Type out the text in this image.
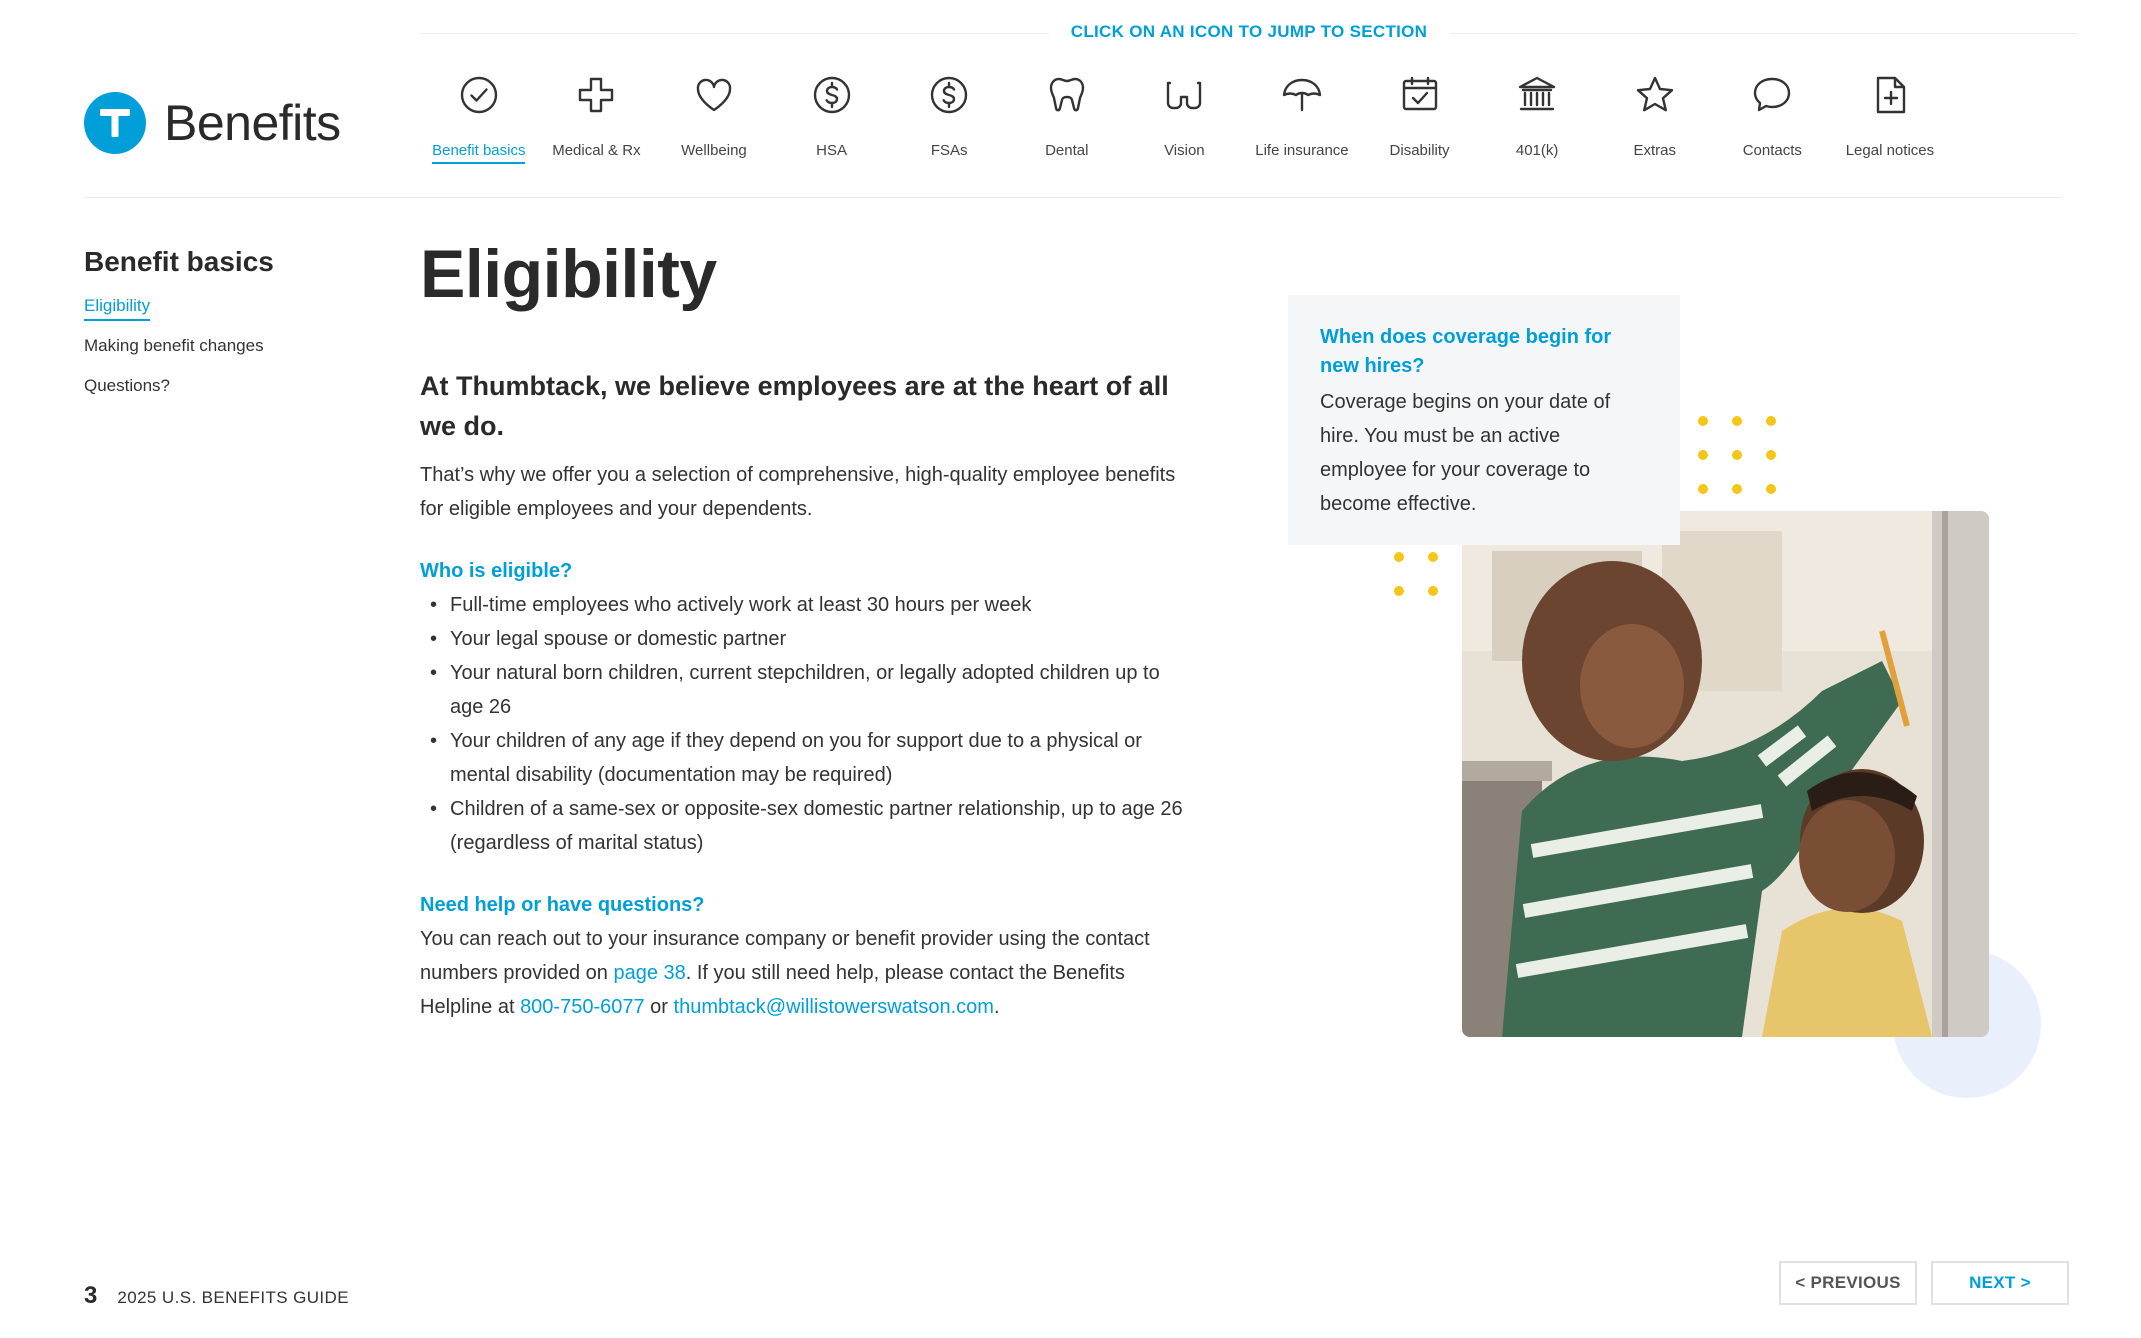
Benefits
CLICK ON AN ICON TO JUMP TO SECTION
Benefit basics Medical & Rx	Wellbeing	HSA	FSAs	Dental	Vision	Life insurance	Disability	401(k)	Extras	Contacts	Legal notices
Benefit basics
Eligibility
Making benefit changes
Questions?
Eligibility

At Thumbtack, we believe employees are at the heart of all we do.

That’s why we offer you a selection of comprehensive, high-quality employee benefits for eligible employees and your dependents.

Who is eligible?
• Full-time employees who actively work at least 30 hours per week
• Your legal spouse or domestic partner
• Your natural born children, current stepchildren, or legally adopted children up to age 26
• Your children of any age if they depend on you for support due to a physical or mental disability (documentation may be required)
• Children of a same-sex or opposite-sex domestic partner relationship, up to age 26 (regardless of marital status)
Need help or have questions?

You can reach out to your insurance company or benefit provider using the contact numbers provided on page 38. If you still need help, please contact the Benefits Helpline at 800-750-6077 or thumbtack@willistowerswatson.com.

When does coverage begin for new hires?

Coverage begins on your date of hire. You must be an active employee for your coverage to become effective.

3 2025 U.S. BENEFITS GUIDE
< PREVIOUS	NEXT >
